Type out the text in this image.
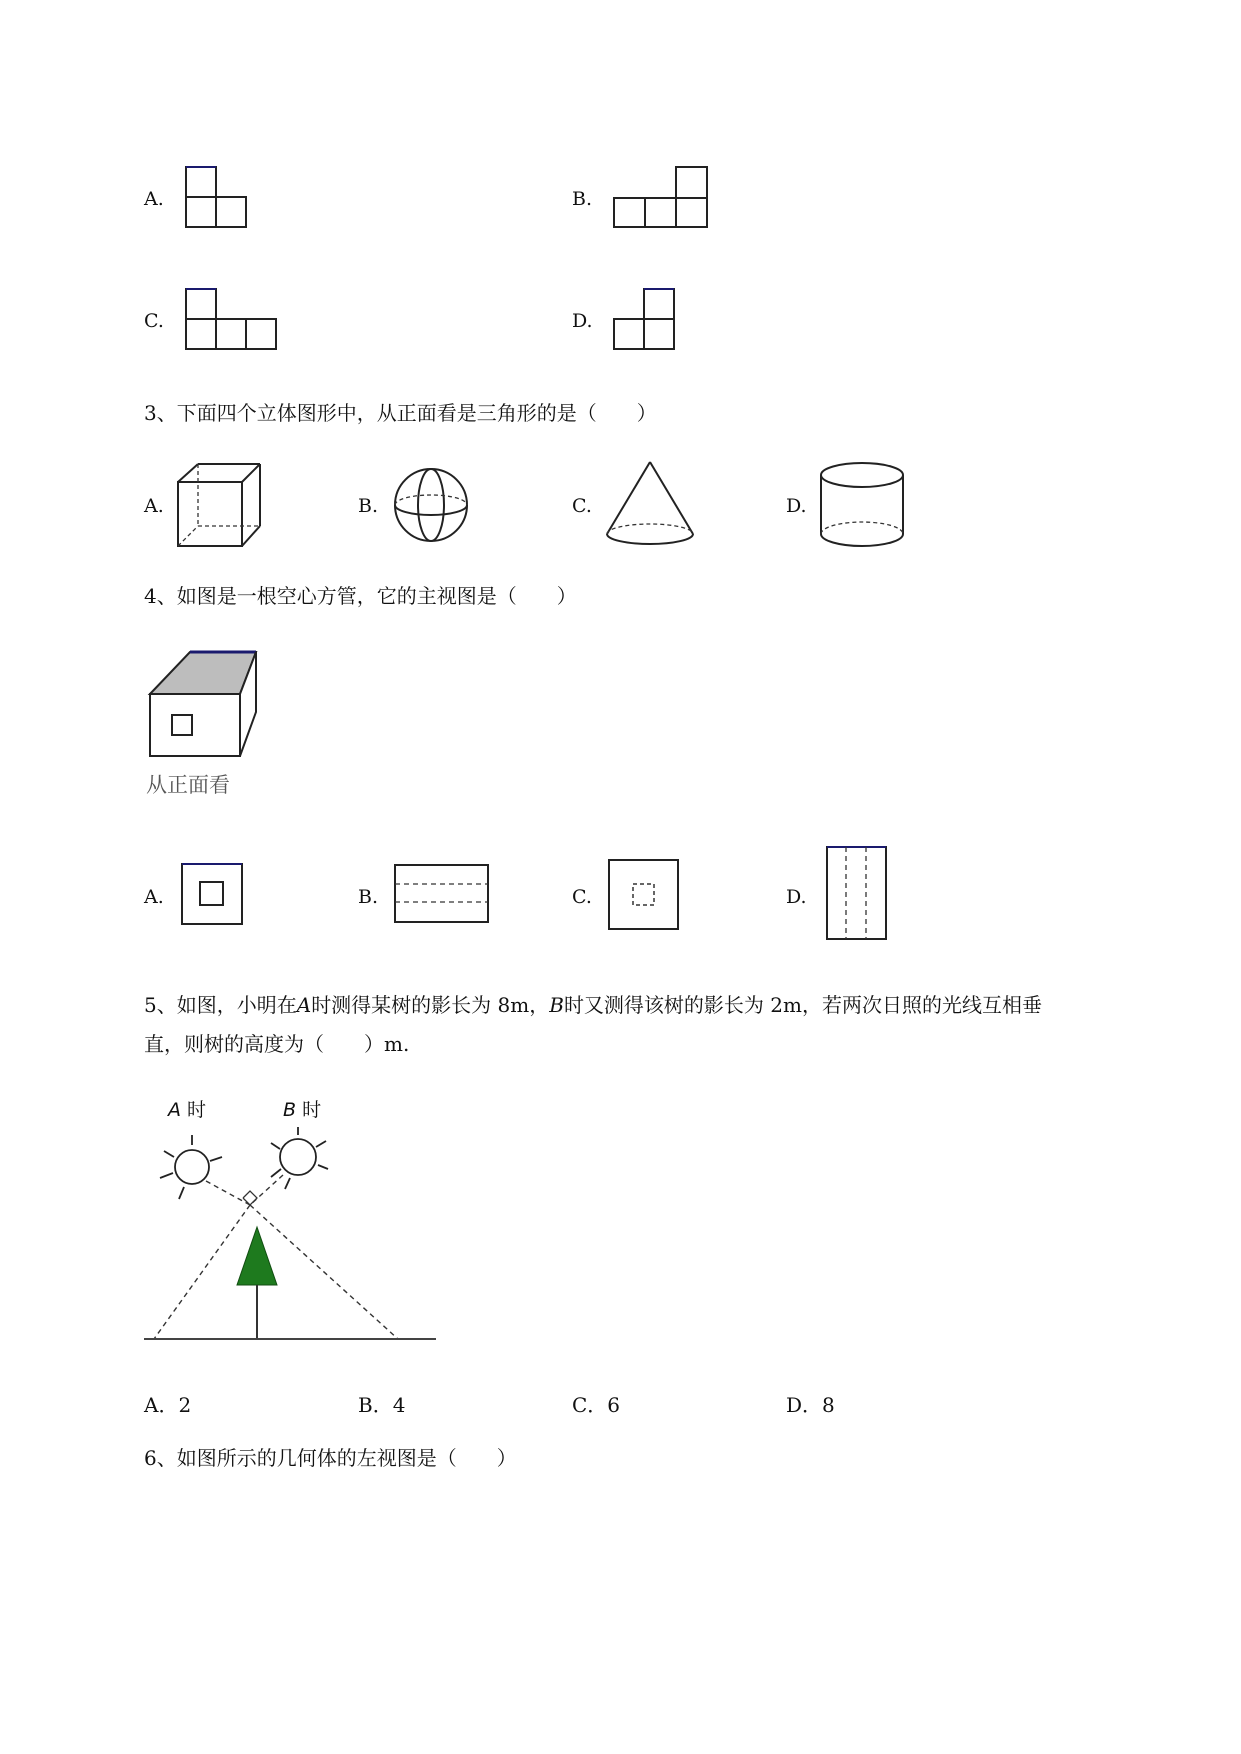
A.	B.
C.	D.
3、下面四个立体图形中，从正面看是三角形的是（　　）
A.	B.	C.	D.
4、如图是一根空心方管，它的主视图是（　　）
从正面看
A.	B.	C.	D.
5、如图，小明在A时测得某树的影长为 8m，B时又测得该树的影长为 2m，若两次日照的光线互相垂
直，则树的高度为（　　）m.
A 时	B 时
A．2	B．4	C．6	D．8
6、如图所示的几何体的左视图是（　　）
